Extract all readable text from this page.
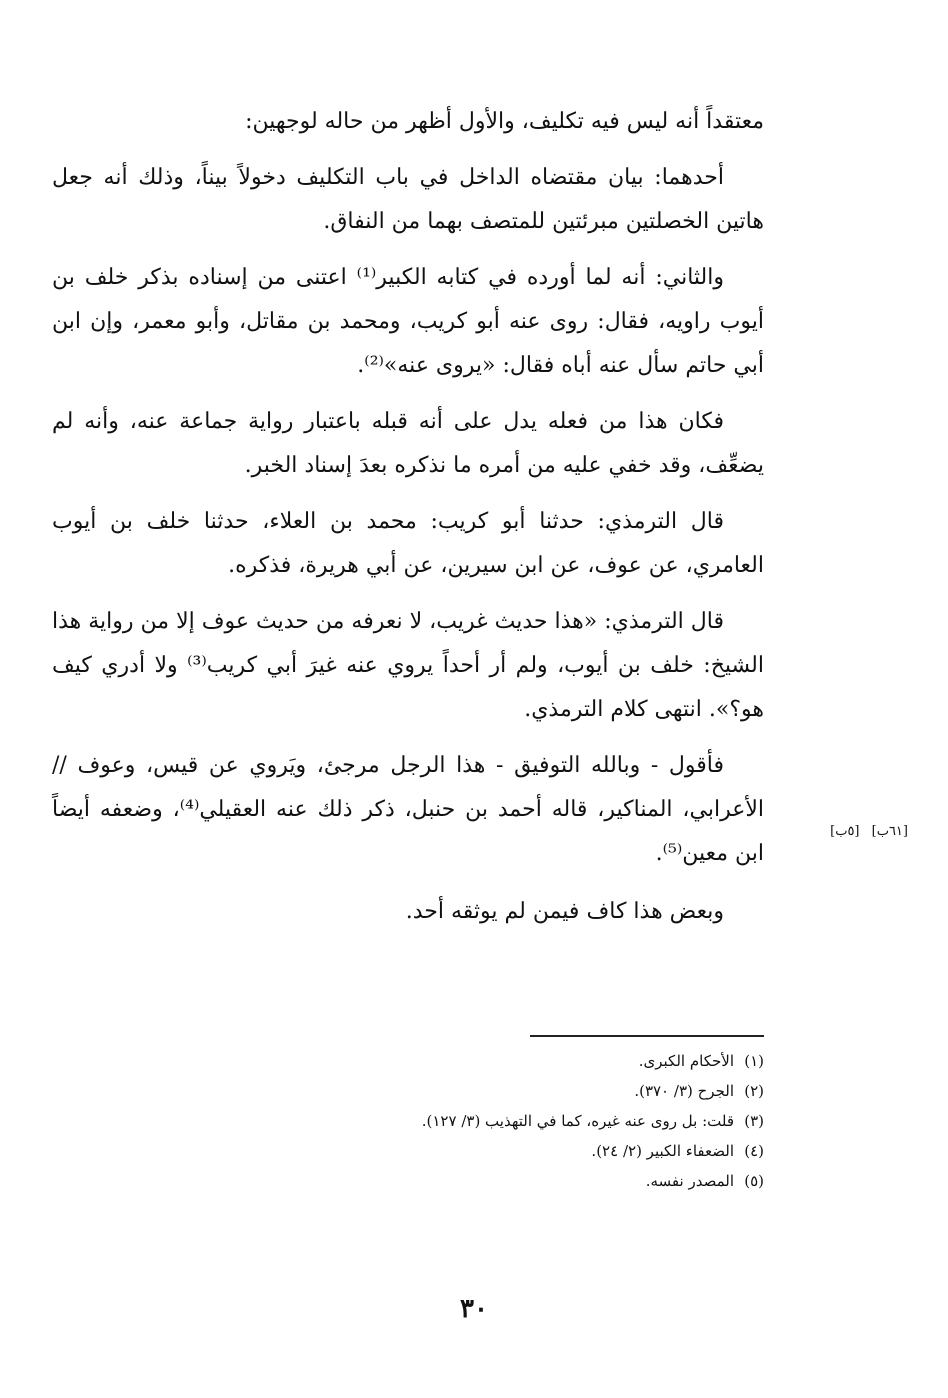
معتقداً أنه ليس فيه تكليف، والأول أظهر من حاله لوجهين:

أحدهما: بيان مقتضاه الداخل في باب التكليف دخولاً بيناً، وذلك أنه جعل هاتين الخصلتين مبرئتين للمتصف بهما من النفاق.

والثاني: أنه لما أورده في كتابه الكبير⁽¹⁾ اعتنى من إسناده بذكر خلف بن أيوب راويه، فقال: روى عنه أبو كريب، ومحمد بن مقاتل، وأبو معمر، وإن ابن أبي حاتم سأل عنه أباه فقال: «يروى عنه»⁽²⁾.

فكان هذا من فعله يدل على أنه قبله باعتبار رواية جماعة عنه، وأنه لم يضعِّف، وقد خفي عليه من أمره ما نذكره بعدَ إسناد الخبر.

قال الترمذي: حدثنا أبو كريب: محمد بن العلاء، حدثنا خلف بن أيوب العامري، عن عوف، عن ابن سيرين، عن أبي هريرة، فذكره.

قال الترمذي: «هذا حديث غريب، لا نعرفه من حديث عوف إلا من رواية هذا الشيخ: خلف بن أيوب، ولم أر أحداً يروي عنه غيرَ أبي كريب⁽³⁾ ولا أدري كيف هو؟». انتهى كلام الترمذي.

فأقول - وبالله التوفيق - هذا الرجل مرجئ، ويَروي عن قيس، وعوف // الأعرابي، المناكير، قاله أحمد بن حنبل، ذكر ذلك عنه العقيلي⁽⁴⁾، وضعفه أيضاً ابن معين⁽⁵⁾.

وبعض هذا كاف فيمن لم يوثقه أحد.

[٦١ب] [٥ب]

(١)الأحكام الكبرى.

(٢)الجرح (٣/ ٣٧٠).

(٣)قلت: بل روى عنه غيره، كما في التهذيب (٣/ ١٢٧).

(٤)الضعفاء الكبير (٢/ ٢٤).

(٥)المصدر نفسه.

٣٠
